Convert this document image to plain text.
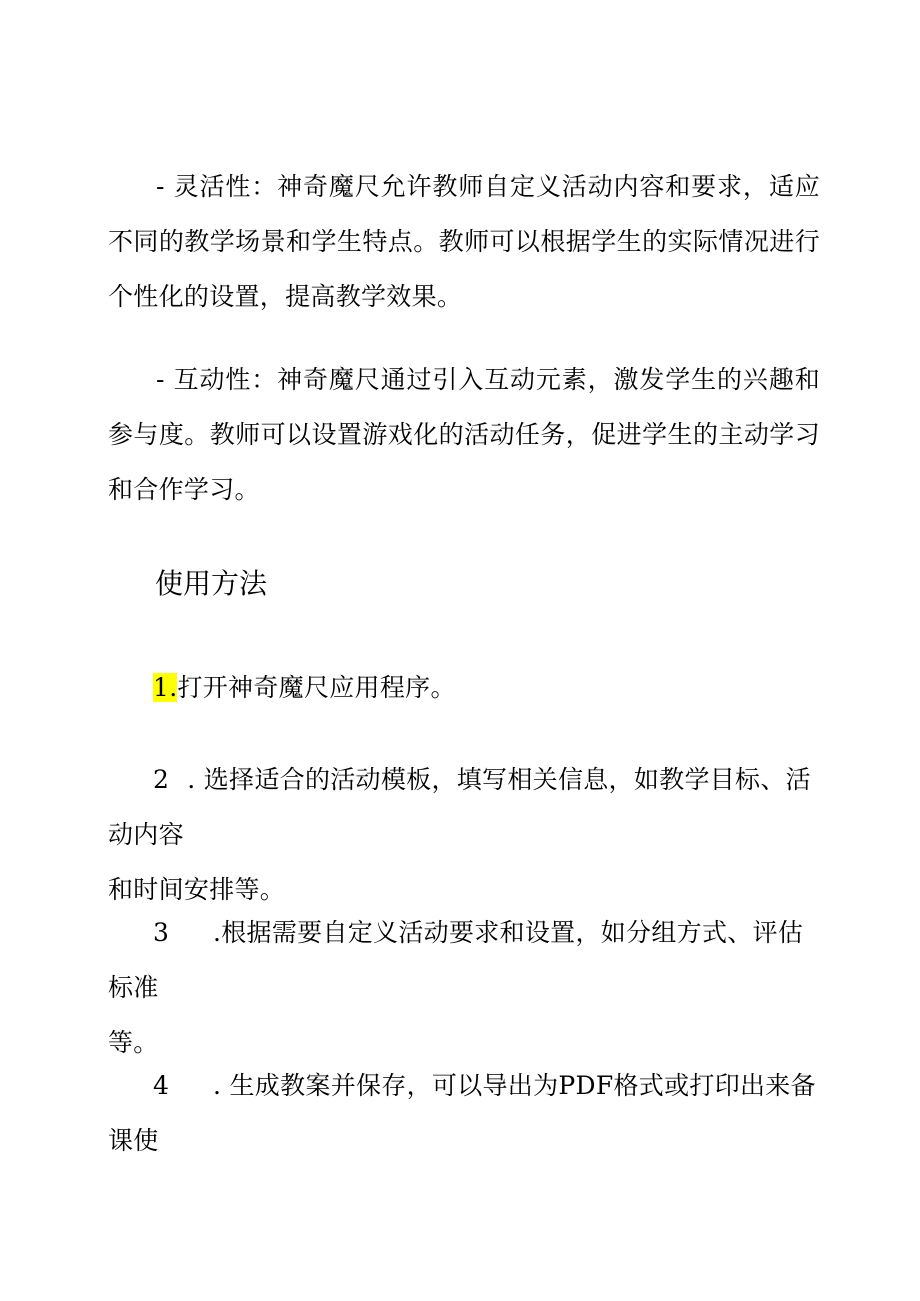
- 灵活性：神奇魔尺允许教师自定义活动内容和要求，适应不同的教学场景和学生特点。教师可以根据学生的实际情况进行个性化的设置，提高教学效果。

- 互动性：神奇魔尺通过引入互动元素，激发学生的兴趣和参与度。教师可以设置游戏化的活动任务，促进学生的主动学习和合作学习。

使用方法

1.打开神奇魔尺应用程序。

2 . 选择适合的活动模板，填写相关信息，如教学目标、活动内容
和时间安排等。

3 .根据需要自定义活动要求和设置，如分组方式、评估标准
等。

4 . 生成教案并保存，可以导出为PDF格式或打印出来备课使
